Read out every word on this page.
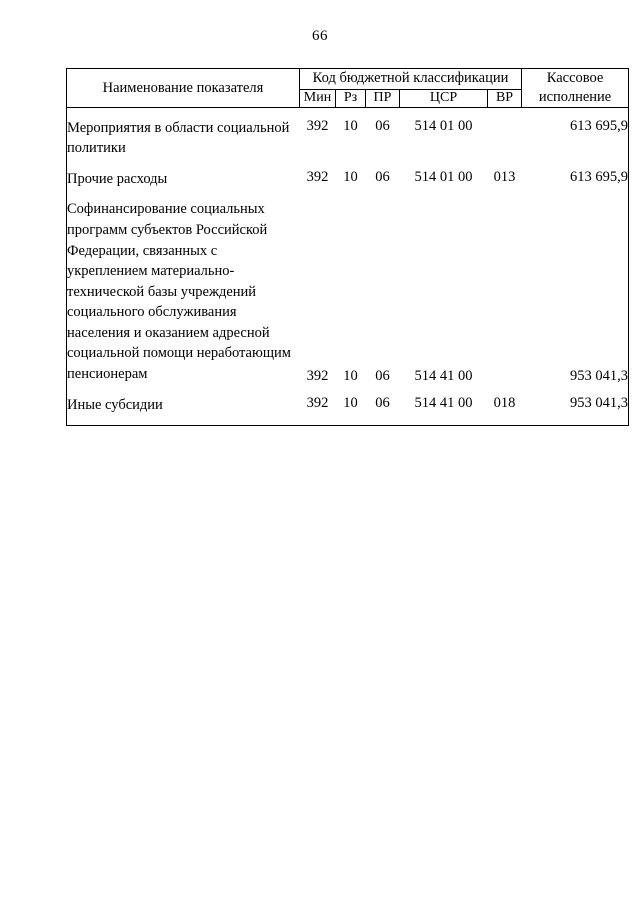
66
Наименование показателя	Код бюджетной классификации					Кассовое исполнение
	Мин	Рз	ПР	ЦСР	ВР	

Мероприятия в области социальной политики	392	10	06	514 01 00		613 695,9

Прочие расходы	392	10	06	514 01 00	013	613 695,9

Софинансирование социальных программ субъектов Российской Федерации, связанных с укреплением материально-технической базы учреждений социального обслуживания населения и оказанием адресной социальной помощи неработающим пенсионерам	392	10	06	514 41 00		953 041,3

Иные субсидии	392	10	06	514 41 00	018	953 041,3
